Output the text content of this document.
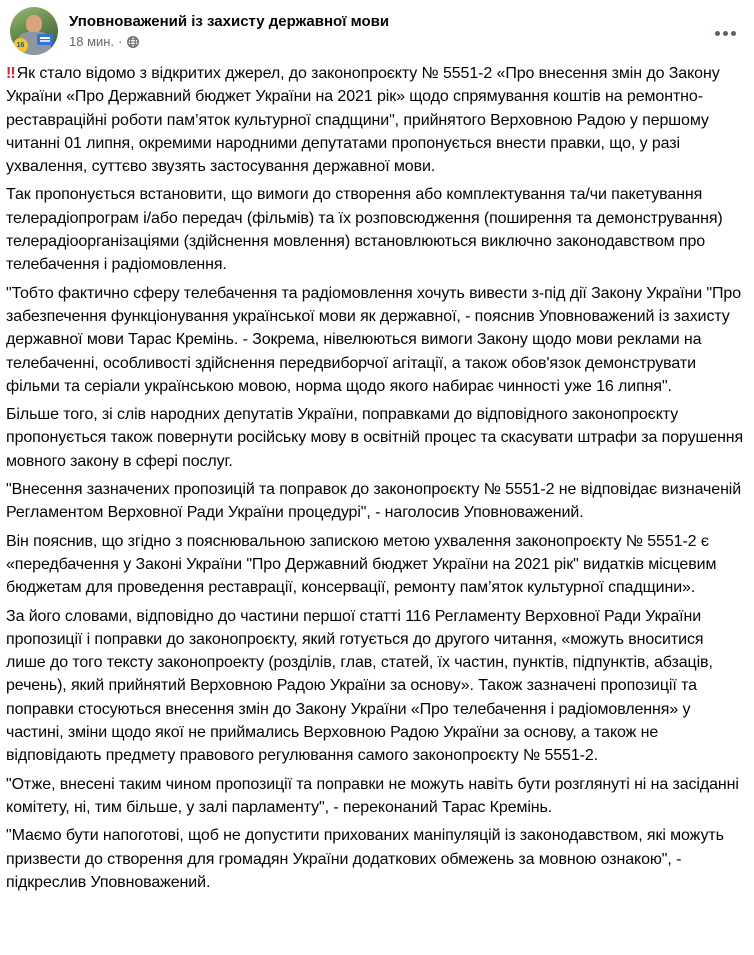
16
Уповноважений із захисту державної мови
18 мин. ·

‼ Як стало відомо з відкритих джерел, до законопроєкту № 5551-2 «Про внесення змін до Закону України «Про Державний бюджет України на 2021 рік» щодо спрямування коштів на ремонтно-реставраційні роботи пам’яток культурної спадщини", прийнятого Верховною Радою у першому читанні 01 липня, окремими народними депутатами пропонується внести правки, що, у разі ухвалення, суттєво звузять застосування державної мови.

Так пропонується встановити, що вимоги до створення або комплектування та/чи пакетування телерадіопрограм і/або передач (фільмів) та їх розповсюдження (поширення та демонстрування) телерадіоорганізаціями (здійснення мовлення) встановлюються виключно законодавством про телебачення і радіомовлення.

"Тобто фактично сферу телебачення та радіомовлення хочуть вивести з-під дії Закону України "Про забезпечення функціонування української мови як державної, - пояснив Уповноважений із захисту державної мови Тарас Кремінь. - Зокрема, нівелюються вимоги Закону щодо мови реклами на телебаченні, особливості здійснення передвиборчої агітації, а також обов'язок демонструвати фільми та серіали українською мовою, норма щодо якого набирає чинності уже 16 липня".

Більше того, зі слів народних депутатів України, поправками до відповідного законопроєкту пропонується також повернути російську мову в освітній процес та скасувати штрафи за порушення мовного закону в сфері послуг.

"Внесення зазначених пропозицій та поправок до законопроєкту № 5551-2 не відповідає визначеній Регламентом Верховної Ради України процедурі", - наголосив Уповноважений.

Він пояснив, що згідно з пояснювальною запискою метою ухвалення законопроєкту № 5551-2 є «передбачення у Законі України "Про Державний бюджет України на 2021 рік" видатків місцевим бюджетам для проведення реставрації, консервації, ремонту пам’яток культурної спадщини».

За його словами, відповідно до частини першої статті 116 Регламенту Верховної Ради України пропозиції і поправки до законопроєкту, який готується до другого читання, «можуть вноситися лише до того тексту законопроекту (розділів, глав, статей, їх частин, пунктів, підпунктів, абзаців, речень), який прийнятий Верховною Радою України за основу». Також зазначені пропозиції та поправки стосуються внесення змін до Закону України «Про телебачення і радіомовлення» у частині, зміни щодо якої не приймались Верховною Радою України за основу, а також не відповідають предмету правового регулювання самого законопроєкту № 5551-2.

"Отже, внесені таким чином пропозиції та поправки не можуть навіть бути розглянуті ні на засіданні комітету, ні, тим більше, у залі парламенту", - переконаний Тарас Кремінь.

"Маємо бути напоготові, щоб не допустити прихованих маніпуляцій із законодавством, які можуть призвести до створення для громадян України додаткових обмежень за мовною ознакою", - підкреслив Уповноважений.
